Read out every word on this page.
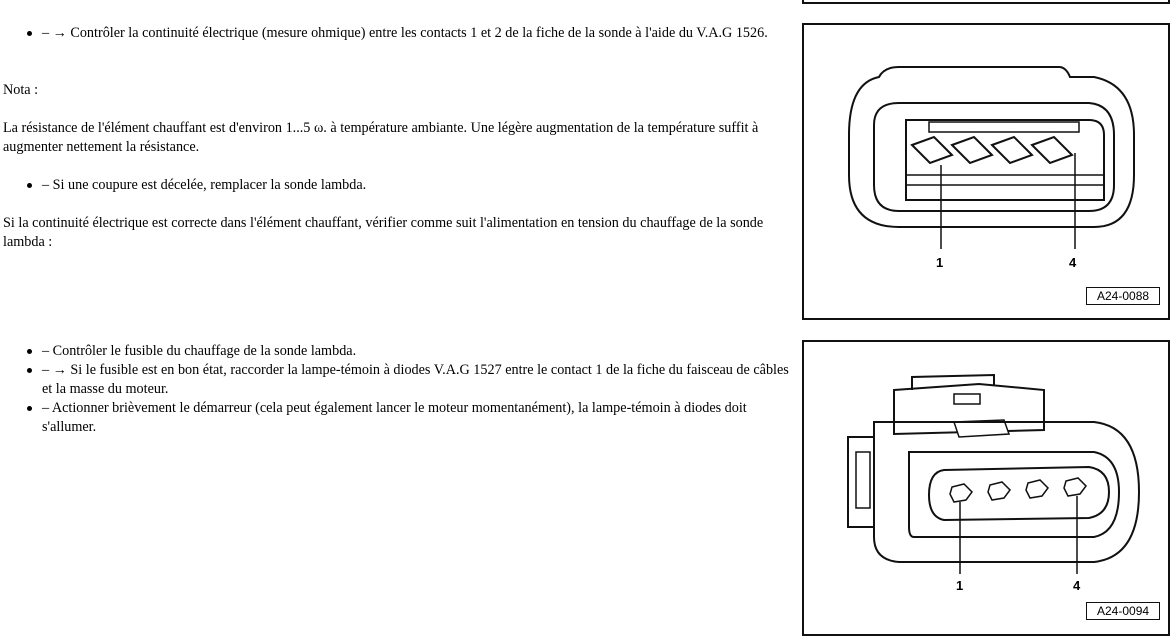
– → Contrôler la continuité électrique (mesure ohmique) entre les contacts 1 et 2 de la fiche de la sonde à l'aide du V.A.G 1526.

Nota :

La résistance de l'élément chauffant est d'environ 1...5 ω. à température ambiante. Une légère augmentation de la température suffit à augmenter nettement la résistance.

– Si une coupure est décelée, remplacer la sonde lambda.

Si la continuité électrique est correcte dans l'élément chauffant, vérifier comme suit l'alimentation en tension du chauffage de la sonde lambda :

– Contrôler le fusible du chauffage de la sonde lambda.
– → Si le fusible est en bon état, raccorder la lampe-témoin à diodes V.A.G 1527 entre le contact 1 de la fiche du faisceau de câbles et la masse du moteur.
– Actionner brièvement le démarreur (cela peut également lancer le moteur momentanément), la lampe-témoin à diodes doit s'allumer.
1	4
A24-0088
1	4
A24-0094
